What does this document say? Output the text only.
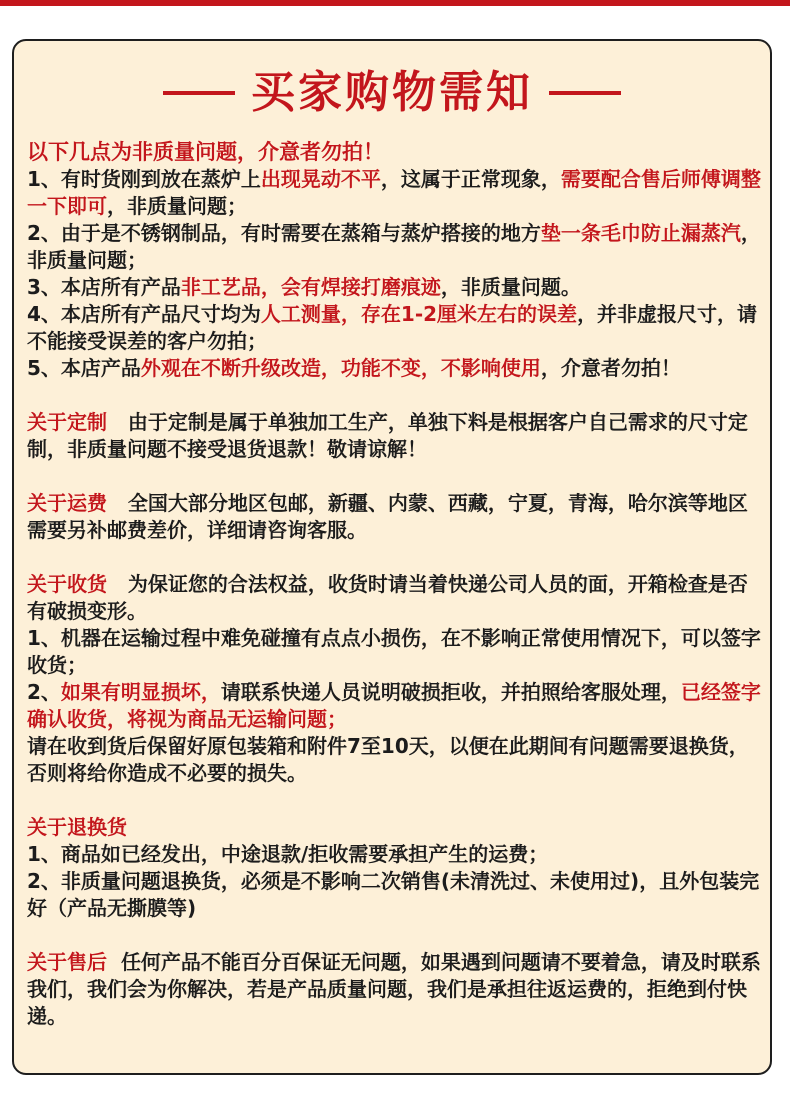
买家购物需知

以下几点为非质量问题，介意者勿拍！

1、有时货刚到放在蒸炉上出现晃动不平，这属于正常现象，需要配合售后师傅调整一下即可，非质量问题；

2、由于是不锈钢制品，有时需要在蒸箱与蒸炉搭接的地方垫一条毛巾防止漏蒸汽，非质量问题；

3、本店所有产品非工艺品，会有焊接打磨痕迹，非质量问题。

4、本店所有产品尺寸均为人工测量，存在1-2厘米左右的误差，并非虚报尺寸，请不能接受误差的客户勿拍；

5、本店产品外观在不断升级改造，功能不变，不影响使用，介意者勿拍！

关于定制 由于定制是属于单独加工生产，单独下料是根据客户自己需求的尺寸定制，非质量问题不接受退货退款！敬请谅解！

关于运费 全国大部分地区包邮，新疆、内蒙、西藏，宁夏，青海，哈尔滨等地区需要另补邮费差价，详细请咨询客服。

关于收货 为保证您的合法权益，收货时请当着快递公司人员的面，开箱检查是否有破损变形。

1、机器在运输过程中难免碰撞有点点小损伤，在不影响正常使用情况下，可以签字收货；

2、如果有明显损坏，请联系快递人员说明破损拒收，并拍照给客服处理，已经签字确认收货，将视为商品无运输问题；

请在收到货后保留好原包装箱和附件7至10天，以便在此期间有问题需要退换货，否则将给你造成不必要的损失。

关于退换货

1、商品如已经发出，中途退款/拒收需要承担产生的运费；

2、非质量问题退换货，必须是不影响二次销售(未清洗过、未使用过)，且外包装完好（产品无撕膜等)

关于售后 任何产品不能百分百保证无问题，如果遇到问题请不要着急，请及时联系我们，我们会为你解决，若是产品质量问题，我们是承担往返运费的，拒绝到付快递。
